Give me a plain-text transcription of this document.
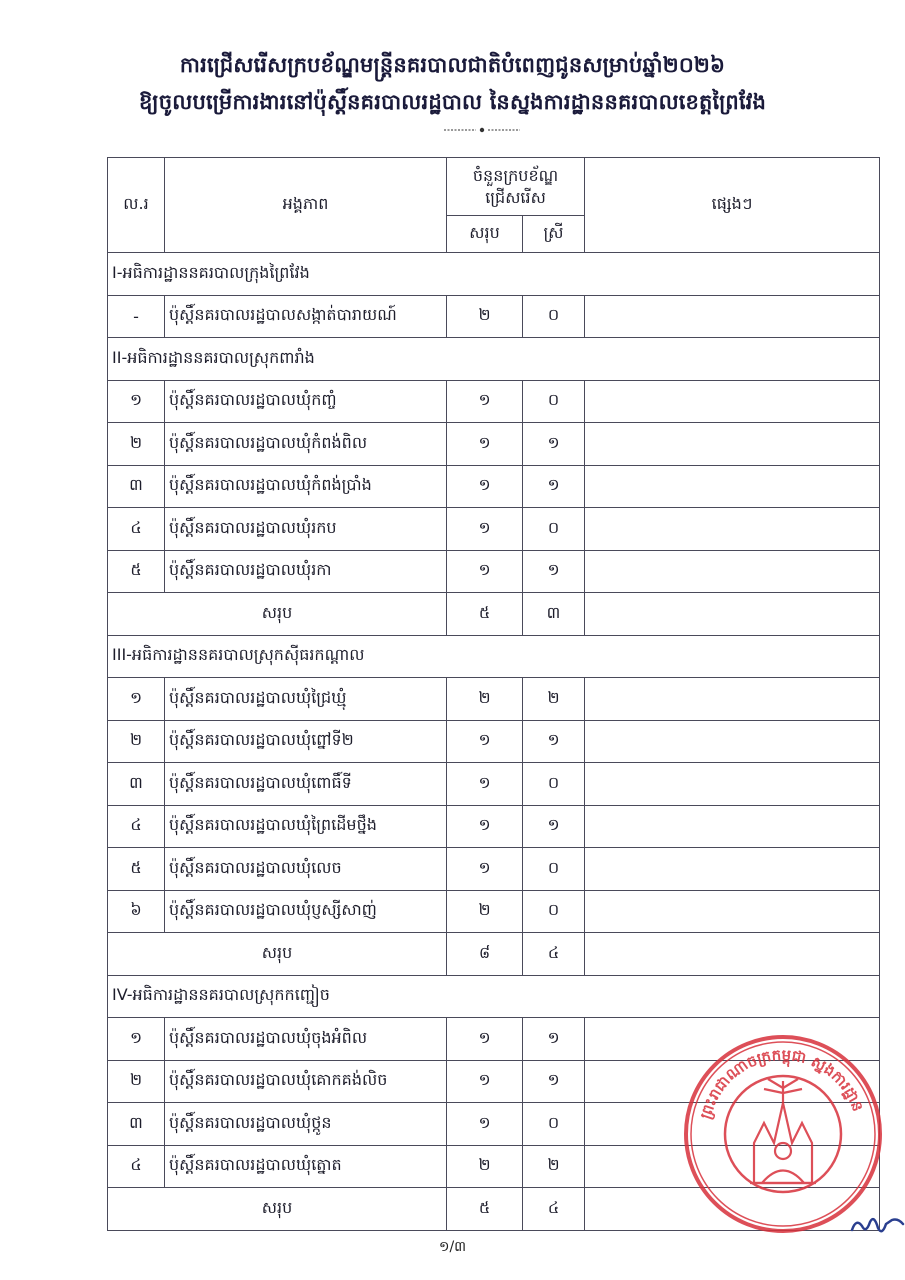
ការជ្រើសរើសក្របខ័ណ្ឌមន្ត្រីនគរបាលជាតិបំពេញជូនសម្រាប់ឆ្នាំ២០២៦
ឱ្យចូលបម្រើការងារនៅប៉ុស្តិ៍នគរបាលរដ្ឋបាល នៃស្នងការដ្ឋាននគរបាលខេត្តព្រៃវែង
ល.រ	អង្គភាព	ចំនួនក្របខ័ណ្ឌជ្រើសរើស		ផ្សេងៗ
		សរុប	ស្រី	
I-អធិការដ្ឋាននគរបាលក្រុងព្រៃវែង				
-	ប៉ុស្តិ៍នគរបាលរដ្ឋបាលសង្កាត់បារាយណ៍	២	០	
II-អធិការដ្ឋាននគរបាលស្រុកពារាំង				
១	ប៉ុស្តិ៍នគរបាលរដ្ឋបាលឃុំកញ្ចំ	១	០	
២	ប៉ុស្តិ៍នគរបាលរដ្ឋបាលឃុំកំពង់ពិល	១	១	
៣	ប៉ុស្តិ៍នគរបាលរដ្ឋបាលឃុំកំពង់ប្រាំង	១	១	
៤	ប៉ុស្តិ៍នគរបាលរដ្ឋបាលឃុំរកប	១	០	
៥	ប៉ុស្តិ៍នគរបាលរដ្ឋបាលឃុំរកា	១	១	
សរុប		៥	៣	
III-អធិការដ្ឋាននគរបាលស្រុកស៊ីធរកណ្តាល				
១	ប៉ុស្តិ៍នគរបាលរដ្ឋបាលឃុំជ្រៃឃ្មុំ	២	២	
២	ប៉ុស្តិ៍នគរបាលរដ្ឋបាលឃុំព្នៅទី២	១	១	
៣	ប៉ុស្តិ៍នគរបាលរដ្ឋបាលឃុំពោធិ៍ទី	១	០	
៤	ប៉ុស្តិ៍នគរបាលរដ្ឋបាលឃុំព្រៃដើមថ្នឹង	១	១	
៥	ប៉ុស្តិ៍នគរបាលរដ្ឋបាលឃុំលេច	១	០	
៦	ប៉ុស្តិ៍នគរបាលរដ្ឋបាលឃុំប្ញស្សីសាញ់	២	០	
សរុប		៨	៤	
IV-អធិការដ្ឋាននគរបាលស្រុកកញ្ជៀច				
១	ប៉ុស្តិ៍នគរបាលរដ្ឋបាលឃុំចុងអំពិល	១	១	
២	ប៉ុស្តិ៍នគរបាលរដ្ឋបាលឃុំគោកគង់លិច	១	១	
៣	ប៉ុស្តិ៍នគរបាលរដ្ឋបាលឃុំថ្កូន	១	០	
៤	ប៉ុស្តិ៍នគរបាលរដ្ឋបាលឃុំត្នោត	២	២	
សរុប		៥	៤	
ព្រះរាជាណាចក្រកម្ពុជា ស្នងការដ្ឋាន
១/៣
